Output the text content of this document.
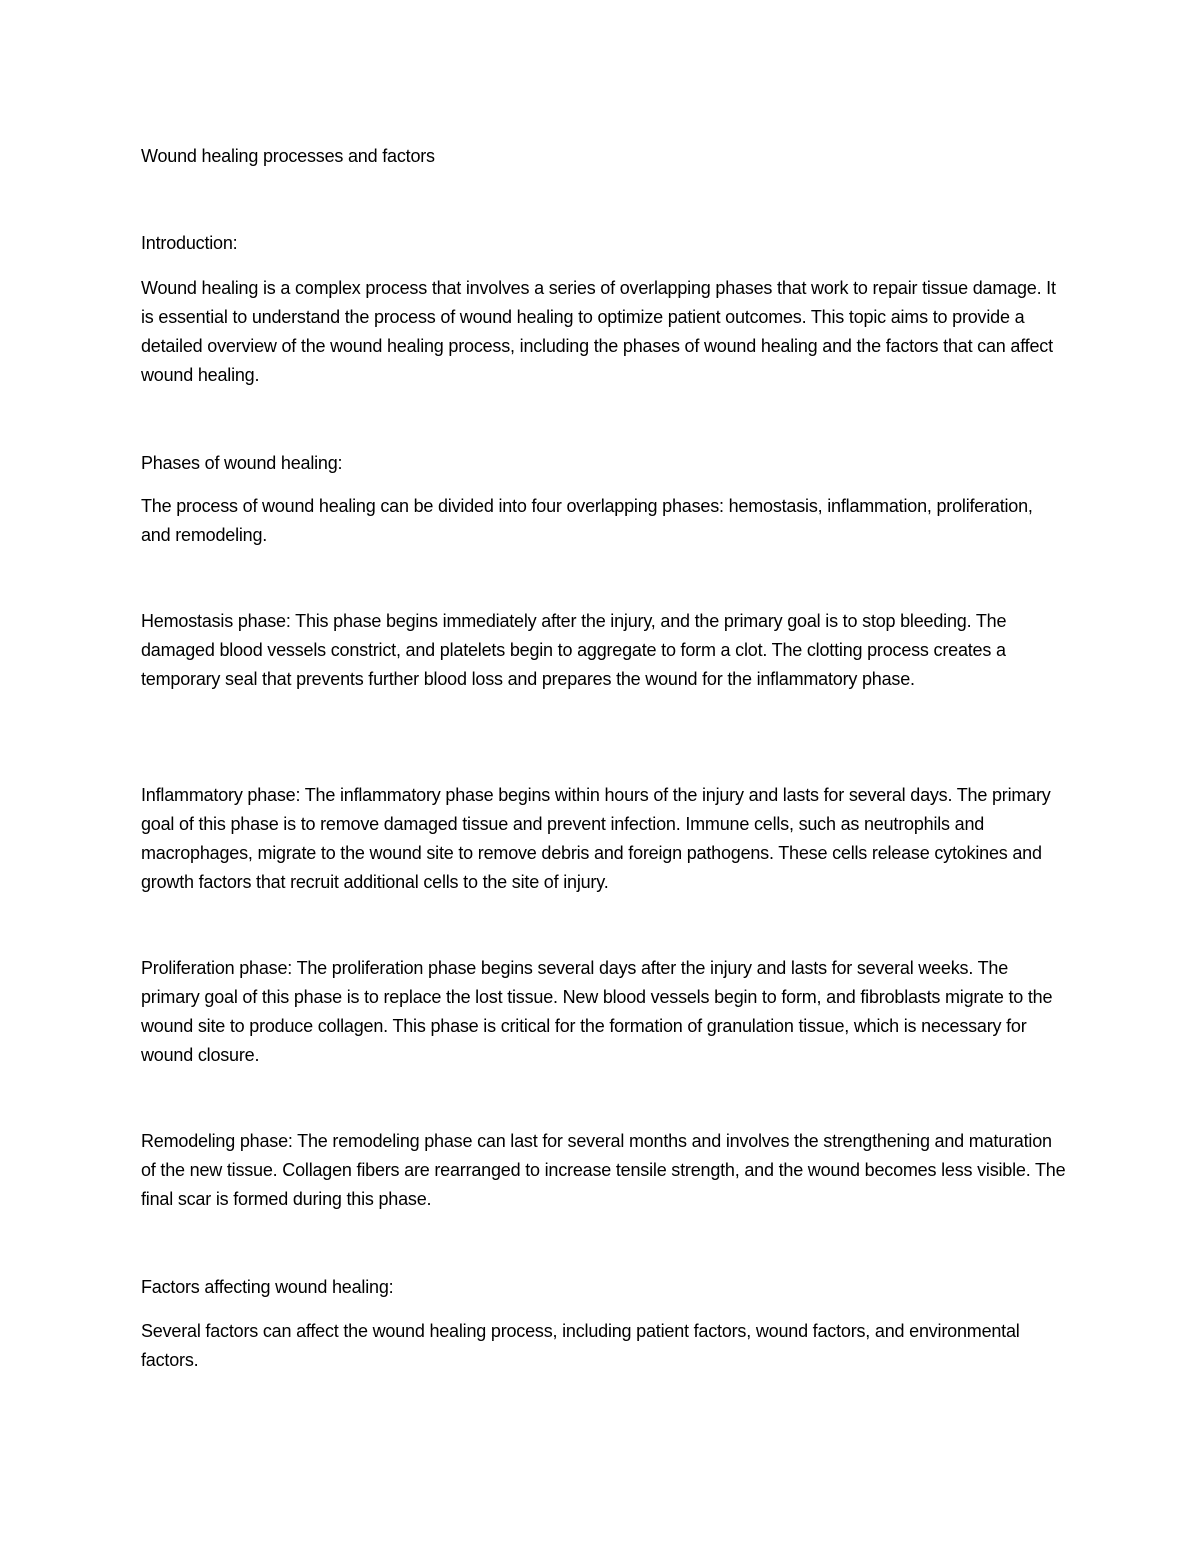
Wound healing processes and factors

Introduction:

Wound healing is a complex process that involves a series of overlapping phases that work to repair tissue damage. It is essential to understand the process of wound healing to optimize patient outcomes. This topic aims to provide a detailed overview of the wound healing process, including the phases of wound healing and the factors that can affect wound healing.

Phases of wound healing:

The process of wound healing can be divided into four overlapping phases: hemostasis, inflammation, proliferation, and remodeling.

Hemostasis phase: This phase begins immediately after the injury, and the primary goal is to stop bleeding. The damaged blood vessels constrict, and platelets begin to aggregate to form a clot. The clotting process creates a temporary seal that prevents further blood loss and prepares the wound for the inflammatory phase.

Inflammatory phase: The inflammatory phase begins within hours of the injury and lasts for several days. The primary goal of this phase is to remove damaged tissue and prevent infection. Immune cells, such as neutrophils and macrophages, migrate to the wound site to remove debris and foreign pathogens. These cells release cytokines and growth factors that recruit additional cells to the site of injury.

Proliferation phase: The proliferation phase begins several days after the injury and lasts for several weeks. The primary goal of this phase is to replace the lost tissue. New blood vessels begin to form, and fibroblasts migrate to the wound site to produce collagen. This phase is critical for the formation of granulation tissue, which is necessary for wound closure.

Remodeling phase: The remodeling phase can last for several months and involves the strengthening and maturation of the new tissue. Collagen fibers are rearranged to increase tensile strength, and the wound becomes less visible. The final scar is formed during this phase.

Factors affecting wound healing:

Several factors can affect the wound healing process, including patient factors, wound factors, and environmental factors.
